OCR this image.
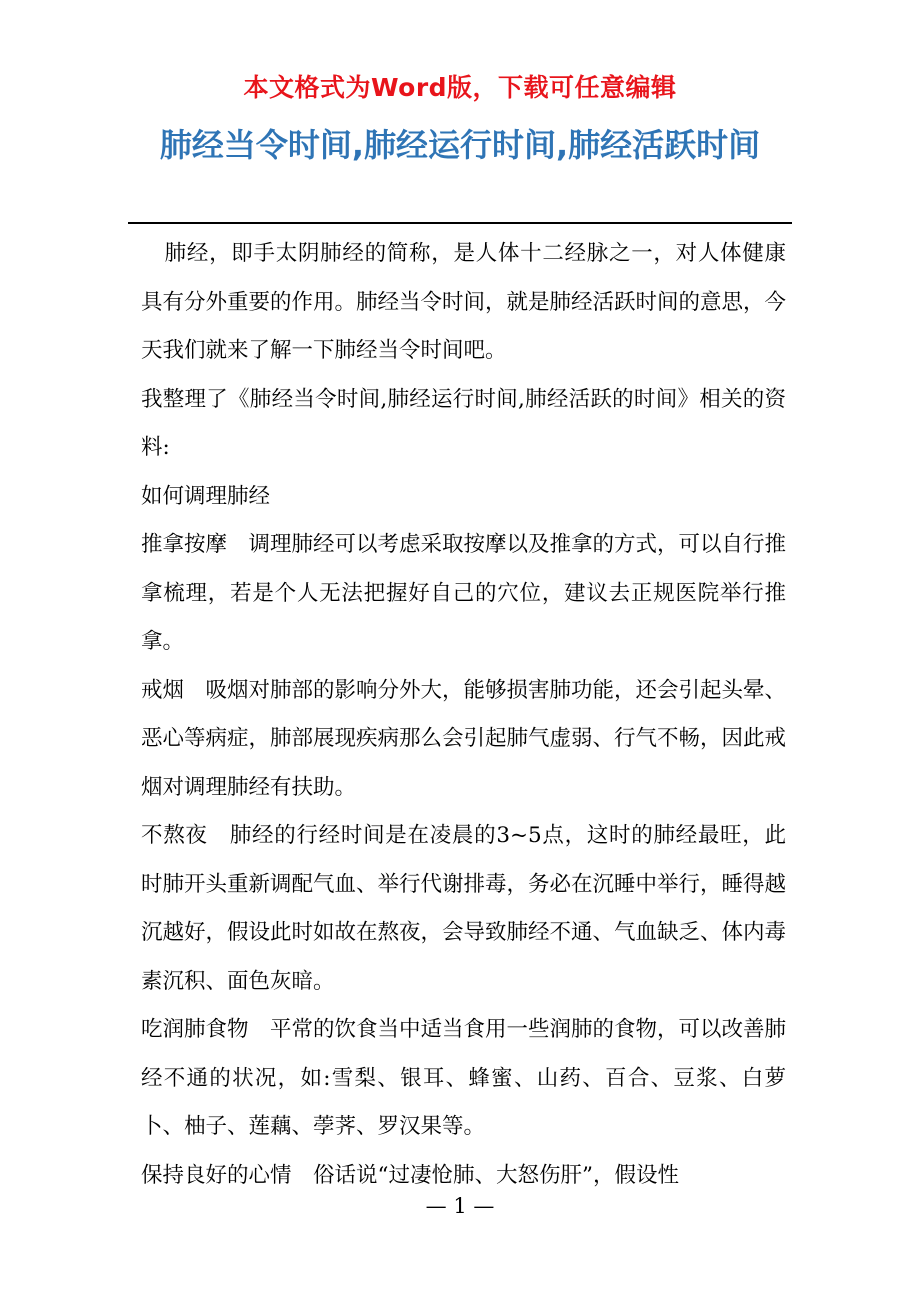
本文格式为Word版，下载可任意编辑
肺经当令时间,肺经运行时间,肺经活跃时间

肺经，即手太阴肺经的简称，是人体十二经脉之一，对人体健康具有分外重要的作用。肺经当令时间，就是肺经活跃时间的意思，今天我们就来了解一下肺经当令时间吧。

我整理了《肺经当令时间,肺经运行时间,肺经活跃的时间》相关的资料:

如何调理肺经

推拿按摩　调理肺经可以考虑采取按摩以及推拿的方式，可以自行推拿梳理，若是个人无法把握好自己的穴位，建议去正规医院举行推拿。

戒烟　吸烟对肺部的影响分外大，能够损害肺功能，还会引起头晕、恶心等病症，肺部展现疾病那么会引起肺气虚弱、行气不畅，因此戒烟对调理肺经有扶助。

不熬夜　肺经的行经时间是在凌晨的3~5点，这时的肺经最旺，此时肺开头重新调配气血、举行代谢排毒，务必在沉睡中举行，睡得越沉越好，假设此时如故在熬夜，会导致肺经不通、气血缺乏、体内毒素沉积、面色灰暗。

吃润肺食物　平常的饮食当中适当食用一些润肺的食物，可以改善肺经不通的状况，如:雪梨、银耳、蜂蜜、山药、百合、豆浆、白萝卜、柚子、莲藕、荸荠、罗汉果等。

保持良好的心情　俗话说“过凄怆肺、大怒伤肝”，假设性

— 1 —
